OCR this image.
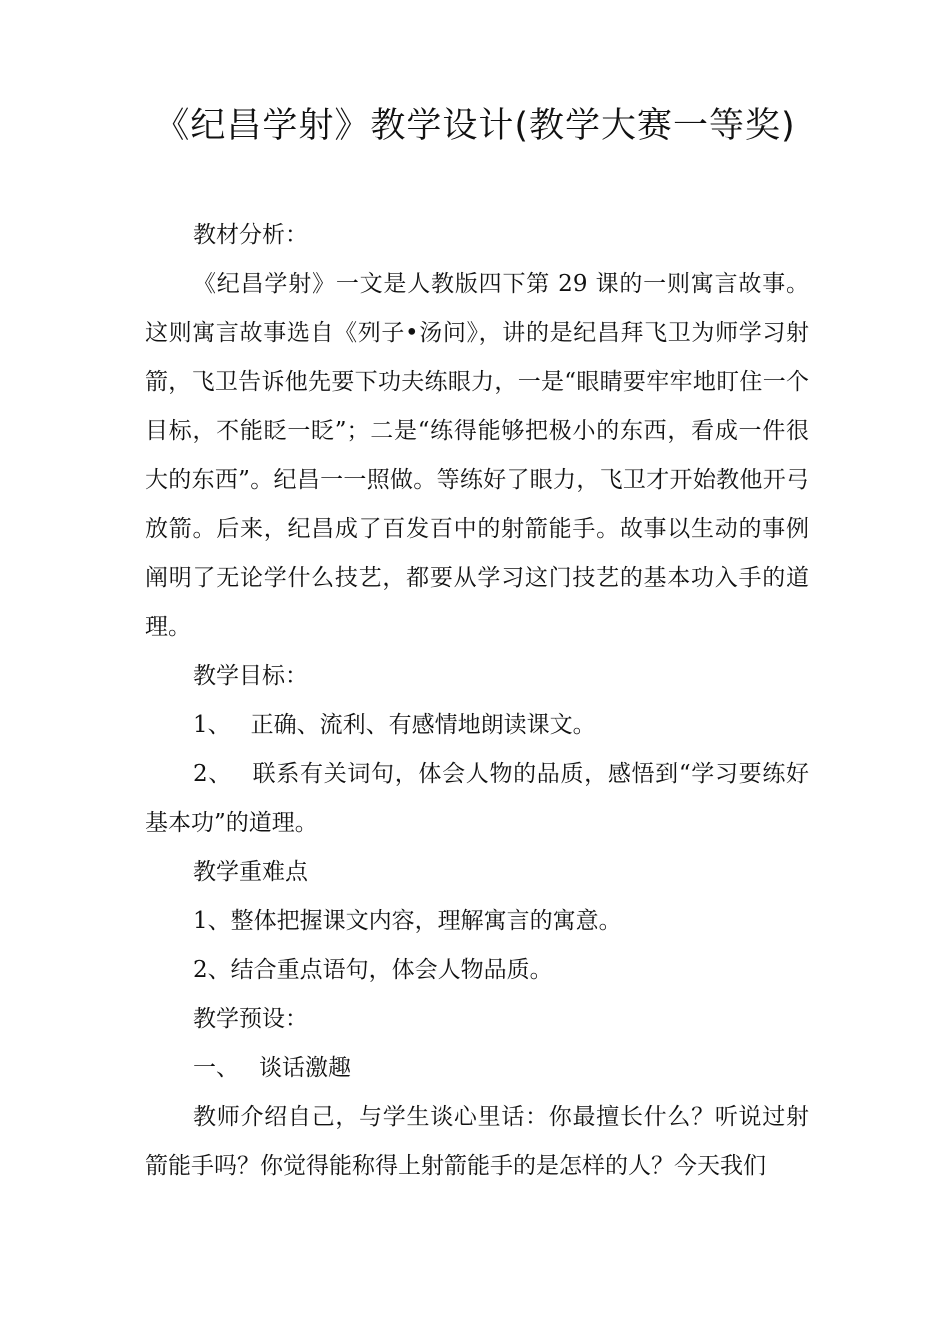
《纪昌学射》教学设计(教学大赛一等奖)

教材分析：

《纪昌学射》一文是人教版四下第 29 课的一则寓言故事。这则寓言故事选自《列子•汤问》，讲的是纪昌拜飞卫为师学习射箭，飞卫告诉他先要下功夫练眼力，一是“眼睛要牢牢地盯住一个目标，不能眨一眨”；二是“练得能够把极小的东西，看成一件很大的东西”。纪昌一一照做。等练好了眼力，飞卫才开始教他开弓放箭。后来，纪昌成了百发百中的射箭能手。故事以生动的事例阐明了无论学什么技艺，都要从学习这门技艺的基本功入手的道理。

教学目标：

1、 正确、流利、有感情地朗读课文。

2、 联系有关词句，体会人物的品质，感悟到“学习要练好基本功”的道理。

教学重难点

1、整体把握课文内容，理解寓言的寓意。

2、结合重点语句，体会人物品质。

教学预设：

一、 谈话激趣

教师介绍自己，与学生谈心里话：你最擅长什么？听说过射箭能手吗？你觉得能称得上射箭能手的是怎样的人？今天我们
